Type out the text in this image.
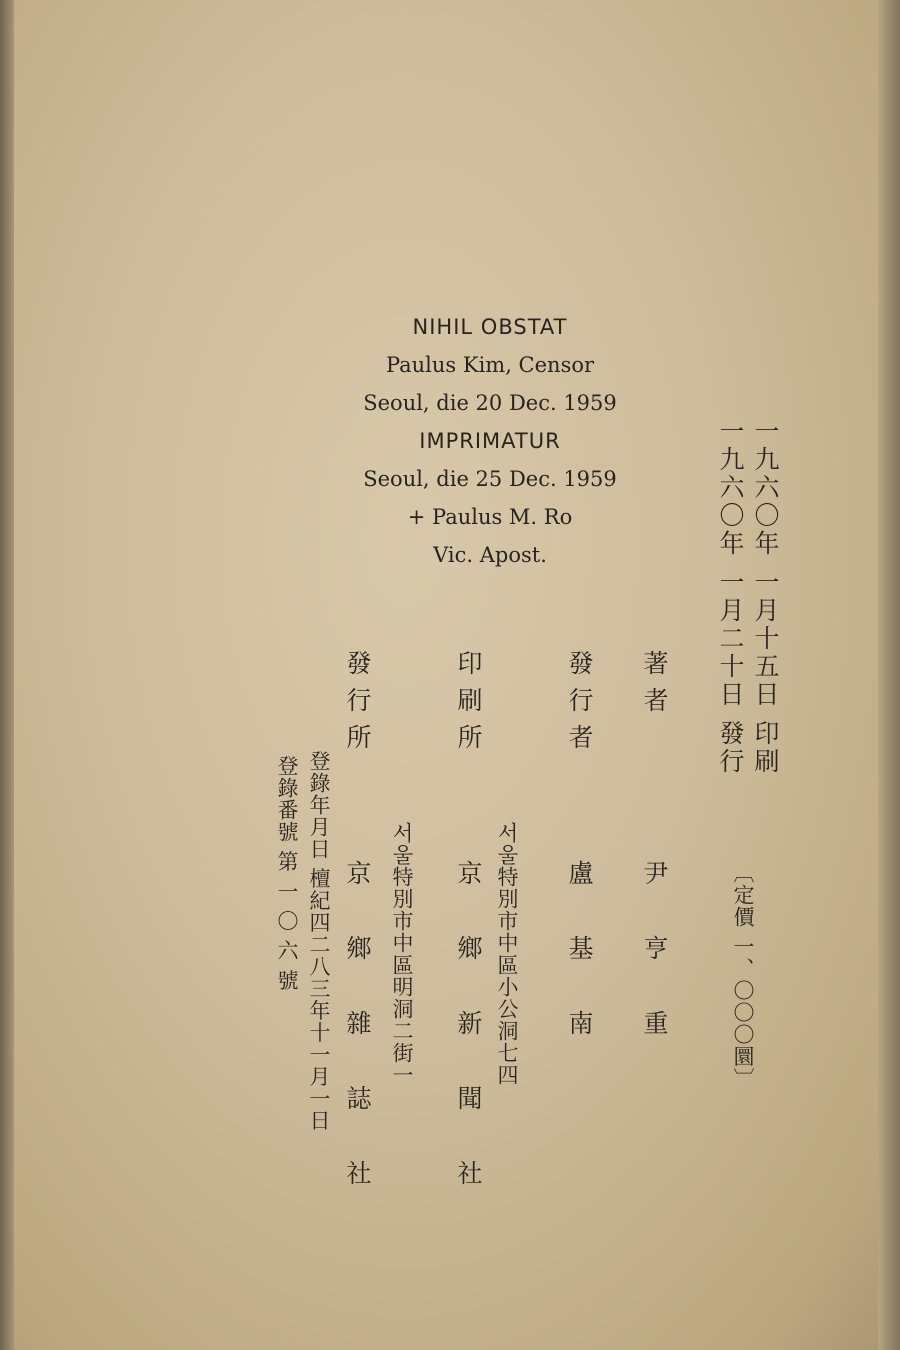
NIHIL OBSTAT
Paulus Kim, Censor
Seoul, die 20 Dec. 1959
IMPRIMATUR
Seoul, die 25 Dec. 1959
+ Paulus M. Ro
Vic. Apost.	一九六〇年 一月十五日 印刷
一九六〇年 一月二十日 發行
〔定價 一、〇〇〇圜〕
著者
尹亨重
發行者
盧基南
印刷所
서울特別市中區小公洞七四
京鄉新聞社
發行所
서울特別市中區明洞二街一
京鄉雜誌社
登錄年月日 檀紀四二八三年十一月一日
登錄番號 第 一 〇 六 號
